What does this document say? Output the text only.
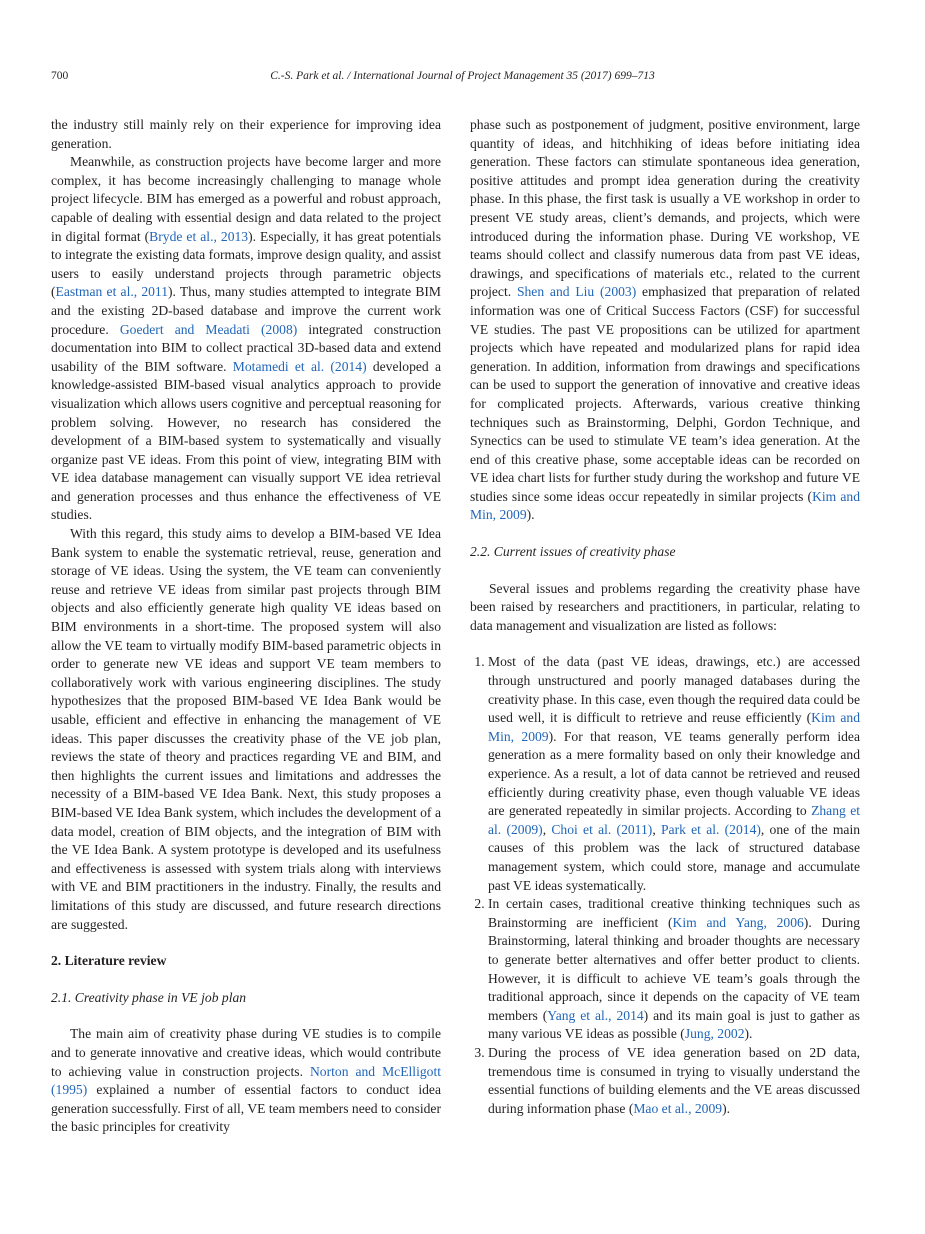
700	C.-S. Park et al. / International Journal of Project Management 35 (2017) 699–713

the industry still mainly rely on their experience for improving idea generation.

Meanwhile, as construction projects have become larger and more complex, it has become increasingly challenging to manage whole project lifecycle. BIM has emerged as a powerful and robust approach, capable of dealing with essential design and data related to the project in digital format (Bryde et al., 2013). Especially, it has great potentials to integrate the existing data formats, improve design quality, and assist users to easily understand projects through parametric objects (Eastman et al., 2011). Thus, many studies attempted to integrate BIM and the existing 2D-based database and improve the current work procedure. Goedert and Meadati (2008) integrated construction documentation into BIM to collect practical 3D-based data and extend usability of the BIM software. Motamedi et al. (2014) developed a knowledge-assisted BIM-based visual analytics approach to provide visualization which allows users cognitive and perceptual reasoning for problem solving. However, no research has considered the development of a BIM-based system to systematically and visually organize past VE ideas. From this point of view, integrating BIM with VE idea database management can visually support VE idea retrieval and generation processes and thus enhance the effectiveness of VE studies.

With this regard, this study aims to develop a BIM-based VE Idea Bank system to enable the systematic retrieval, reuse, generation and storage of VE ideas. Using the system, the VE team can conveniently reuse and retrieve VE ideas from similar past projects through BIM objects and also efficiently generate high quality VE ideas based on BIM environments in a short-time. The proposed system will also allow the VE team to virtually modify BIM-based parametric objects in order to generate new VE ideas and support VE team members to collaboratively work with various engineering disciplines. The study hypothesizes that the proposed BIM-based VE Idea Bank would be usable, efficient and effective in enhancing the management of VE ideas. This paper discusses the creativity phase of the VE job plan, reviews the state of theory and practices regarding VE and BIM, and then highlights the current issues and limitations and addresses the necessity of a BIM-based VE Idea Bank. Next, this study proposes a BIM-based VE Idea Bank system, which includes the development of a data model, creation of BIM objects, and the integration of BIM with the VE Idea Bank. A system prototype is developed and its usefulness and effectiveness is assessed with system trials along with interviews with VE and BIM practitioners in the industry. Finally, the results and limitations of this study are discussed, and future research directions are suggested.

2. Literature review
2.1. Creativity phase in VE job plan

The main aim of creativity phase during VE studies is to compile and to generate innovative and creative ideas, which would contribute to achieving value in construction projects. Norton and McElligott (1995) explained a number of essential factors to conduct idea generation successfully. First of all, VE team members need to consider the basic principles for creativity

phase such as postponement of judgment, positive environment, large quantity of ideas, and hitchhiking of ideas before initiating idea generation. These factors can stimulate spontaneous idea generation, positive attitudes and prompt idea generation during the creativity phase. In this phase, the first task is usually a VE workshop in order to present VE study areas, client’s demands, and projects, which were introduced during the information phase. During VE workshop, VE teams should collect and classify numerous data from past VE ideas, drawings, and specifications of materials etc., related to the current project. Shen and Liu (2003) emphasized that preparation of related information was one of Critical Success Factors (CSF) for successful VE studies. The past VE propositions can be utilized for apartment projects which have repeated and modularized plans for rapid idea generation. In addition, information from drawings and specifications can be used to support the generation of innovative and creative ideas for complicated projects. Afterwards, various creative thinking techniques such as Brainstorming, Delphi, Gordon Technique, and Synectics can be used to stimulate VE team’s idea generation. At the end of this creative phase, some acceptable ideas can be recorded on VE idea chart lists for further study during the workshop and future VE studies since some ideas occur repeatedly in similar projects (Kim and Min, 2009).

2.2. Current issues of creativity phase

Several issues and problems regarding the creativity phase have been raised by researchers and practitioners, in particular, relating to data management and visualization are listed as follows:

1. Most of the data (past VE ideas, drawings, etc.) are accessed through unstructured and poorly managed databases during the creativity phase. In this case, even though the required data could be used well, it is difficult to retrieve and reuse efficiently (Kim and Min, 2009). For that reason, VE teams generally perform idea generation as a mere formality based on only their knowledge and experience. As a result, a lot of data cannot be retrieved and reused efficiently during creativity phase, even though valuable VE ideas are generated repeatedly in similar projects. According to Zhang et al. (2009), Choi et al. (2011), Park et al. (2014), one of the main causes of this problem was the lack of structured database management system, which could store, manage and accumulate past VE ideas systematically.
2. In certain cases, traditional creative thinking techniques such as Brainstorming are inefficient (Kim and Yang, 2006). During Brainstorming, lateral thinking and broader thoughts are necessary to generate better alternatives and offer better product to clients. However, it is difficult to achieve VE team’s goals through the traditional approach, since it depends on the capacity of VE team members (Yang et al., 2014) and its main goal is just to gather as many various VE ideas as possible (Jung, 2002).
3. During the process of VE idea generation based on 2D data, tremendous time is consumed in trying to visually understand the essential functions of building elements and the VE areas discussed during information phase (Mao et al., 2009).
